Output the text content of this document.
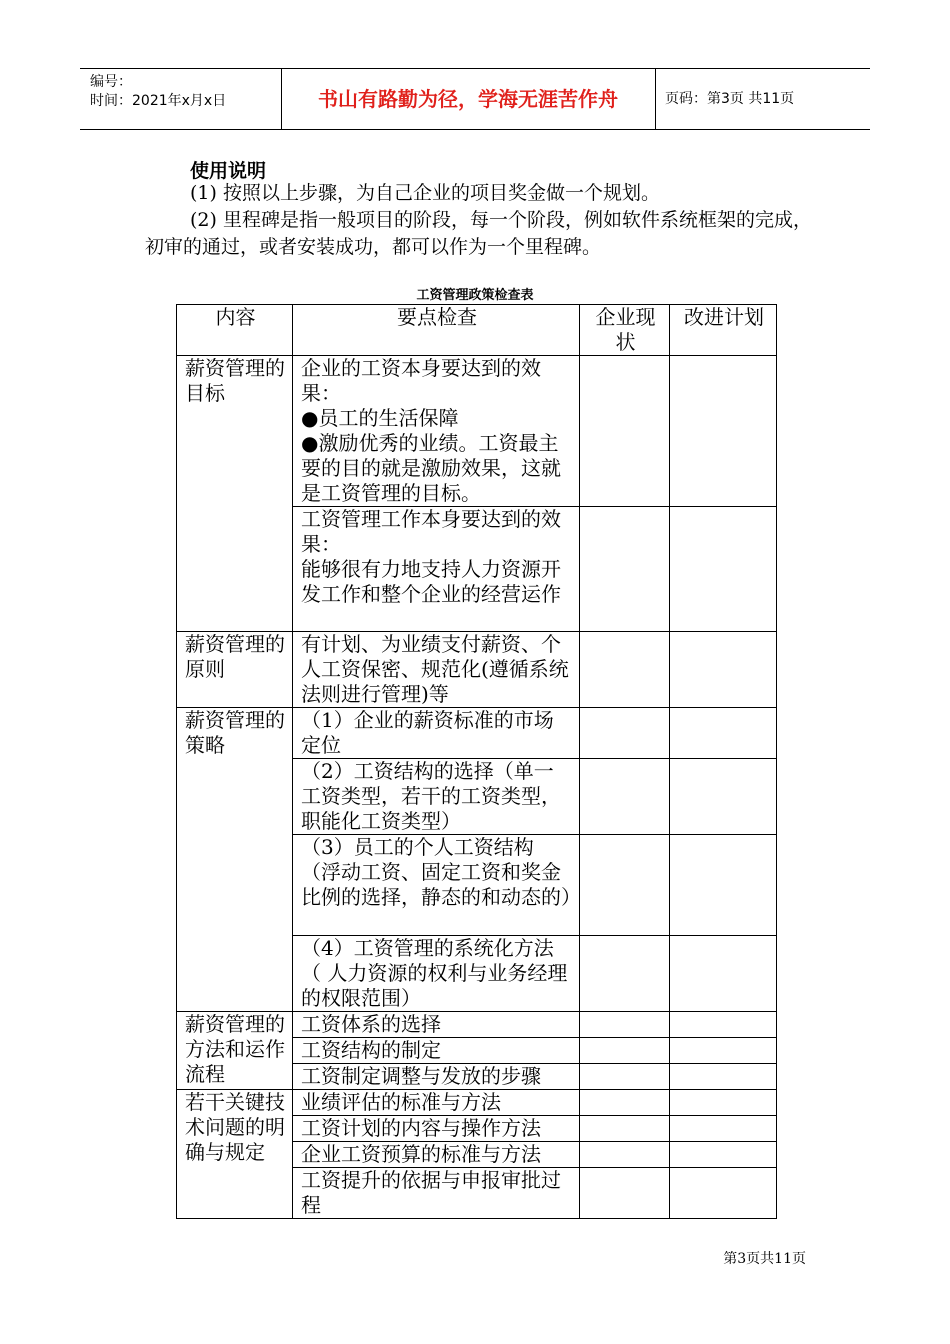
编号：
时间：2021年x月x日	书山有路勤为径，学海无涯苦作舟	页码：第3页 共11页
使用说明
(1) 按照以上步骤，为自己企业的项目奖金做一个规划。
(2) 里程碑是指一般项目的阶段，每一个阶段，例如软件系统框架的完成，初审的通过，或者安装成功，都可以作为一个里程碑。
工资管理政策检查表
内容	要点检查	企业现状	改进计划
薪资管理的目标	企业的工资本身要达到的效果：
●员工的生活保障
●激励优秀的业绩。工资最主要的目的就是激励效果，这就是工资管理的目标。		
	工资管理工作本身要达到的效果：
能够很有力地支持人力资源开发工作和整个企业的经营运作		
薪资管理的原则	有计划、为业绩支付薪资、个人工资保密、规范化(遵循系统法则进行管理)等		
薪资管理的策略	（1）企业的薪资标准的市场定位		
	（2）工资结构的选择（单一工资类型，若干的工资类型，职能化工资类型）		
	（3）员工的个人工资结构（浮动工资、固定工资和奖金比例的选择，静态的和动态的）		
	（4）工资管理的系统化方法（ 人力资源的权利与业务经理的权限范围）		
薪资管理的方法和运作流程	工资体系的选择		
	工资结构的制定		
	工资制定调整与发放的步骤		
若干关键技术问题的明确与规定	业绩评估的标准与方法		
	工资计划的内容与操作方法		
	企业工资预算的标准与方法		
	工资提升的依据与申报审批过程		
第3页共11页
